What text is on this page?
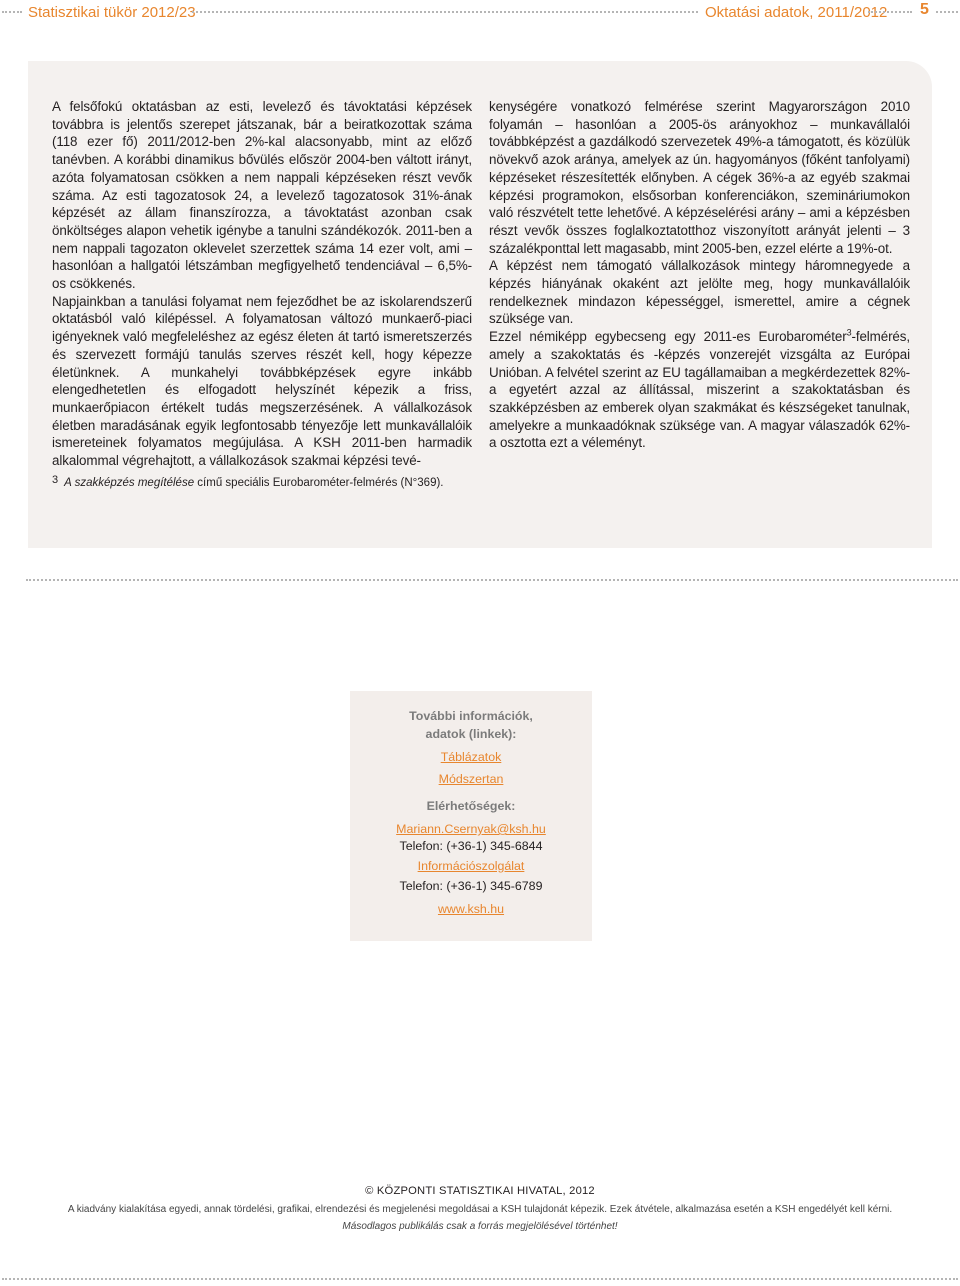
Statisztikai tükör 2012/23	Oktatási adatok, 2011/2012 5

A felsőfokú oktatásban az esti, levelező és távoktatási képzések továbbra is jelentős szerepet játszanak, bár a beiratkozottak száma (118 ezer fő) 2011/2012-ben 2%-kal alacsonyabb, mint az előző tanévben. A korábbi dinamikus bővülés először 2004-ben váltott irányt, azóta folyamatosan csökken a nem nappali képzéseken részt vevők száma. Az esti tagozatosok 24, a levelező tagozatosok 31%-ának képzését az állam finanszírozza, a távoktatást azonban csak önköltséges alapon vehetik igénybe a tanulni szándékozók. 2011-ben a nem nappali tagozaton oklevelet szerzettek száma 14 ezer volt, ami – hasonlóan a hallgatói létszámban megfigyelhető tendenciával – 6,5%-os csökkenés.

Napjainkban a tanulási folyamat nem fejeződhet be az iskolarendszerű oktatásból való kilépéssel. A folyamatosan változó munkaerő-piaci igényeknek való megfeleléshez az egész életen át tartó ismeretszerzés és szervezett formájú tanulás szerves részét kell, hogy képezze életünknek. A munkahelyi továbbképzések egyre inkább elengedhetetlen és elfogadott helyszínét képezik a friss, munkaerőpiacon értékelt tudás megszerzésének. A vállalkozások életben maradásának egyik legfontosabb tényezője lett munkavállalóik ismereteinek folyamatos megújulása. A KSH 2011-ben harmadik alkalommal végrehajtott, a vállalkozások szakmai képzési tevé-

kenységére vonatkozó felmérése szerint Magyarországon 2010 folyamán – hasonlóan a 2005-ös arányokhoz – munkavállalói továbbképzést a gazdálkodó szervezetek 49%-a támogatott, és közülük növekvő azok aránya, amelyek az ún. hagyományos (főként tanfolyami) képzéseket részesítették előnyben. A cégek 36%-a az egyéb szakmai képzési programokon, elsősorban konferenciákon, szemináriumokon való részvételt tette lehetővé. A képzéselérési arány – ami a képzésben részt vevők összes foglalkoztatotthoz viszonyított arányát jelenti – 3 százalékponttal lett magasabb, mint 2005-ben, ezzel elérte a 19%-ot.

A képzést nem támogató vállalkozások mintegy háromnegyede a képzés hiányának okaként azt jelölte meg, hogy munkavállalóik rendelkeznek mindazon képességgel, ismerettel, amire a cégnek szüksége van.

Ezzel némiképp egybecseng egy 2011-es Eurobarométer$^3$-felmérés, amely a szakoktatás és -képzés vonzerejét vizsgálta az Európai Unióban. A felvétel szerint az EU tagállamaiban a megkérdezettek 82%-a egyetért azzal az állítással, miszerint a szakoktatásban és szakképzésben az emberek olyan szakmákat és készségeket tanulnak, amelyekre a munkaadóknak szüksége van. A magyar válaszadók 62%-a osztotta ezt a véleményt.

3 A szakképzés megítélése című speciális Eurobarométer-felmérés (N°369).
További információk,
adatok (linkek):
Táblázatok
Módszertan
Elérhetőségek:
Mariann.Csernyak@ksh.hu
Telefon: (+36-1) 345-6844
Információszolgálat
Telefon: (+36-1) 345-6789
www.ksh.hu
© KÖZPONTI STATISZTIKAI HIVATAL, 2012
A kiadvány kialakítása egyedi, annak tördelési, grafikai, elrendezési és megjelenési megoldásai a KSH tulajdonát képezik. Ezek átvétele, alkalmazása esetén a KSH engedélyét kell kérni.
Másodlagos publikálás csak a forrás megjelölésével történhet!
